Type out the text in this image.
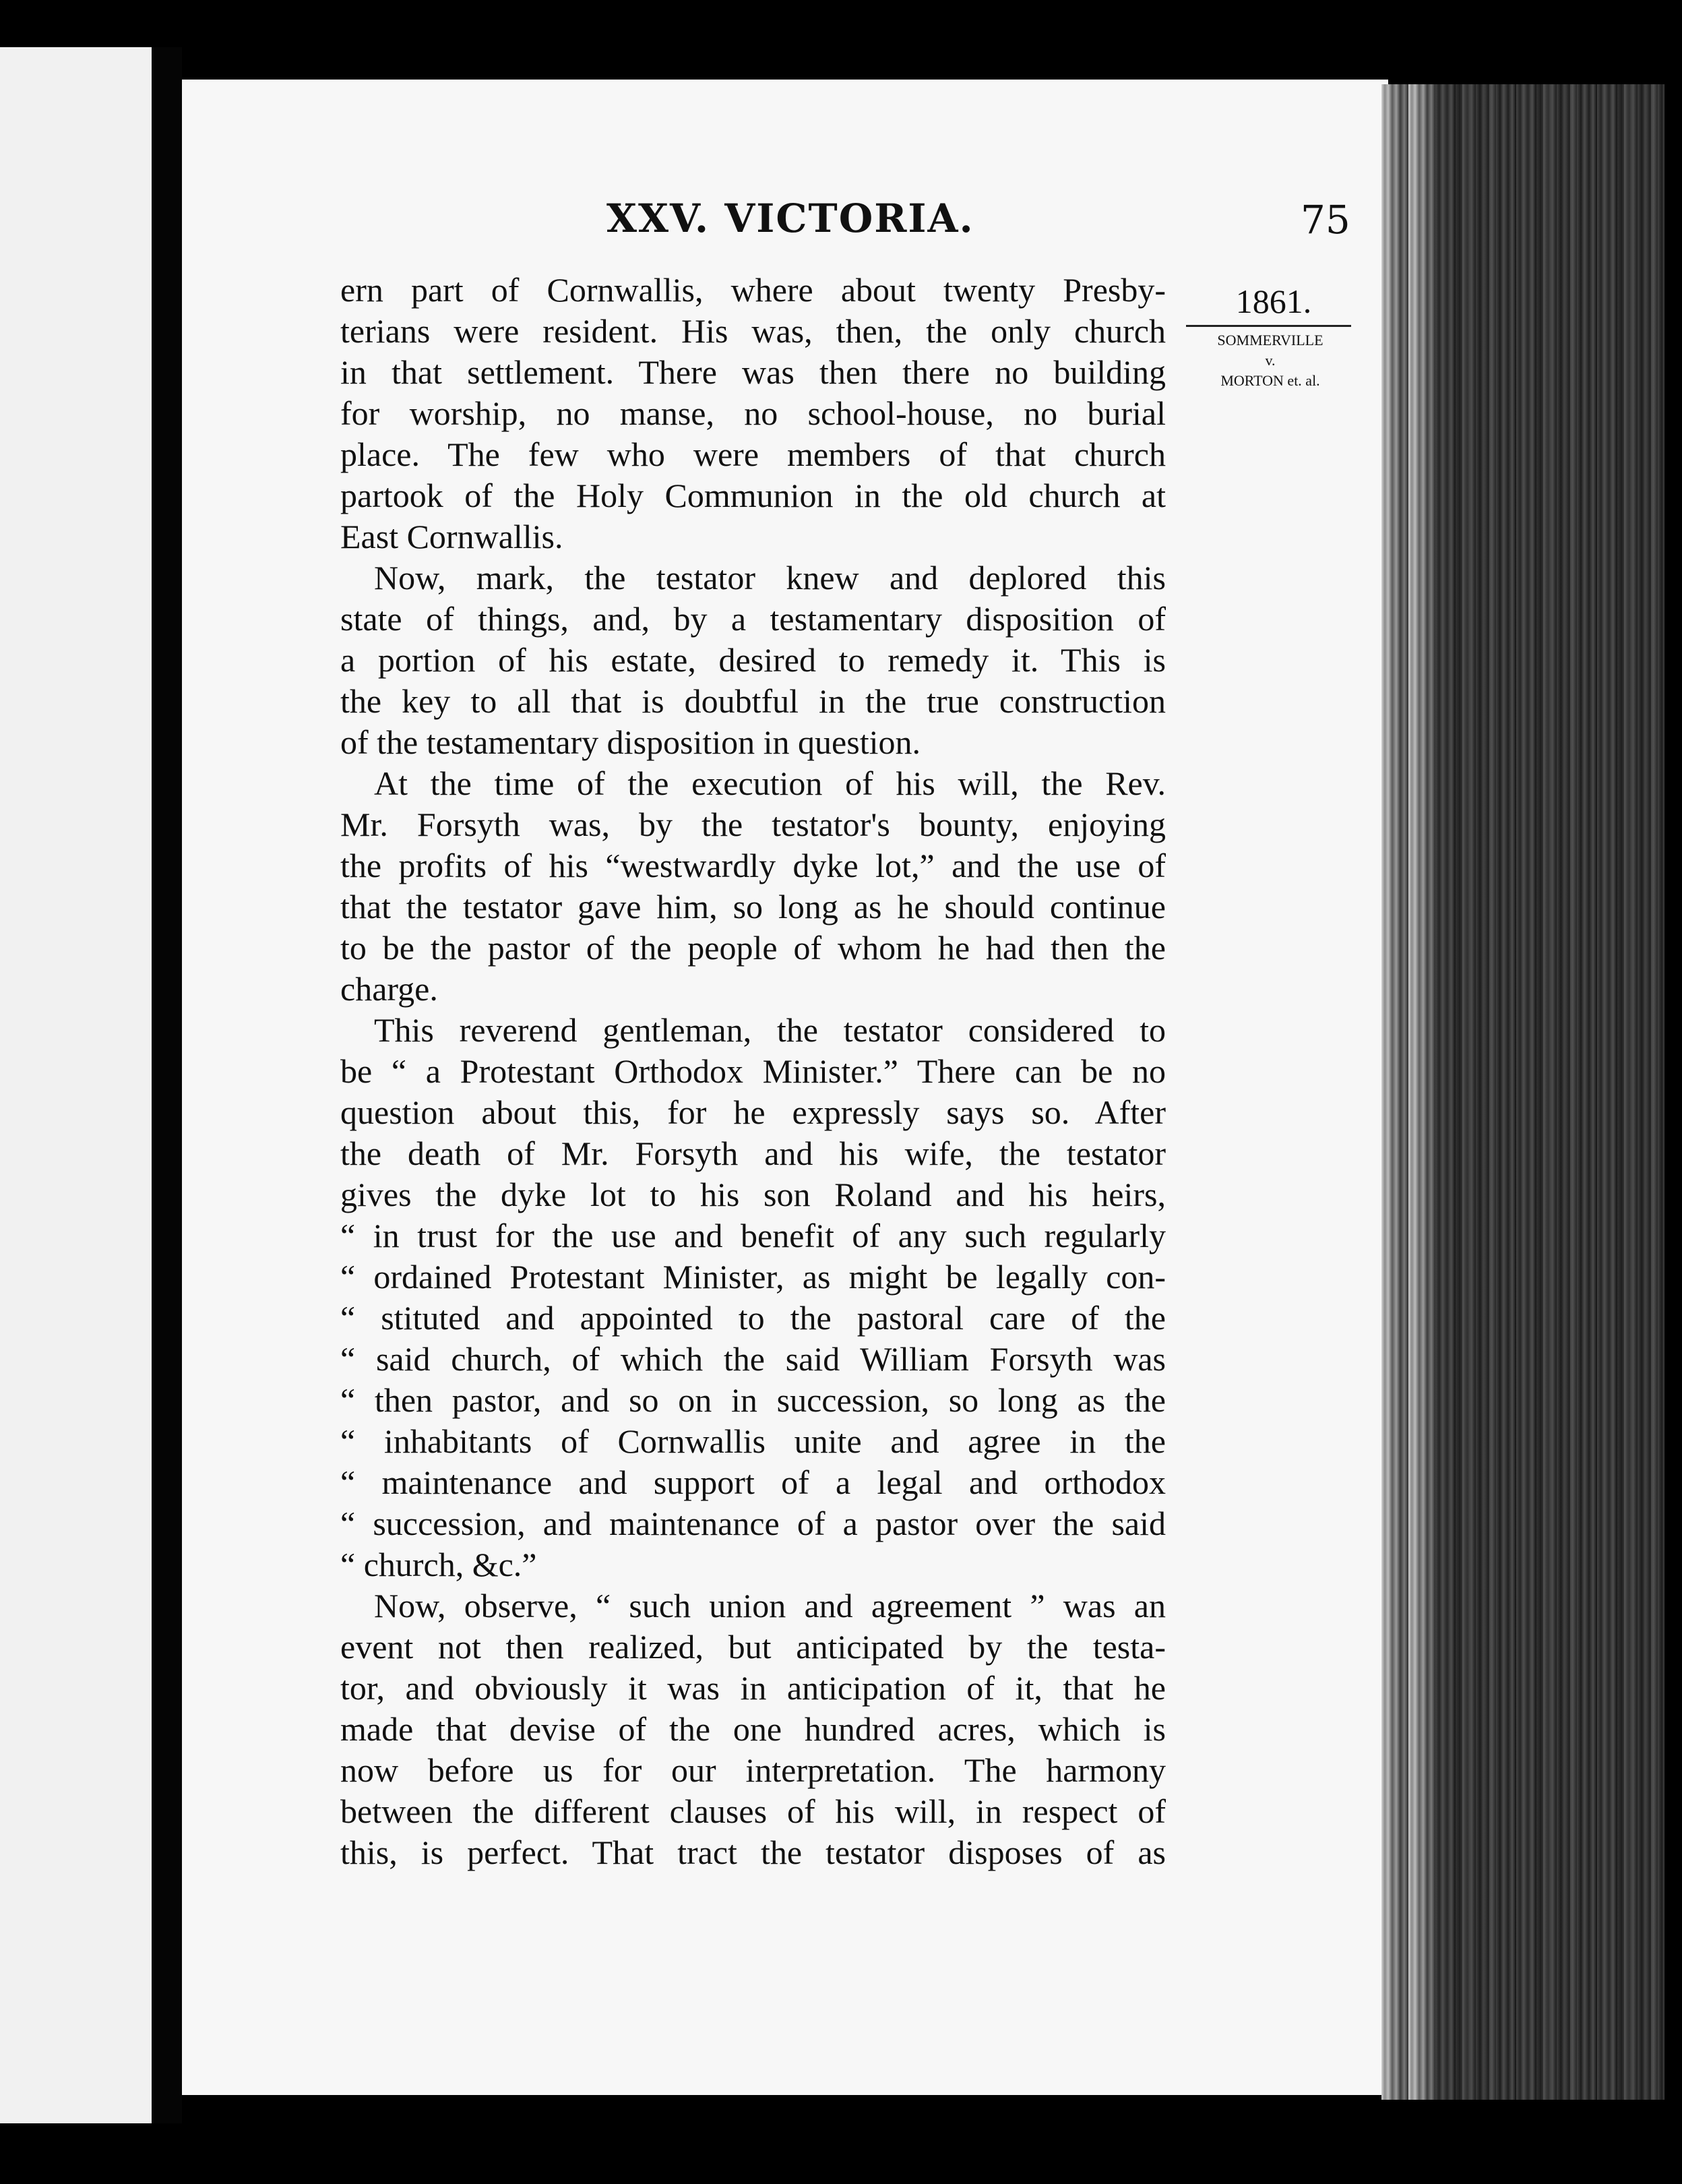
XXV. VICTORIA.	75
1861.
SOMMERVILLE
v.
MORTON et. al.
ern part of Cornwallis, where about twenty Presby-
terians were resident. His was, then, the only church
in that settlement. There was then there no building
for worship, no manse, no school-house, no burial
place. The few who were members of that church
partook of the Holy Communion in the old church at
East Cornwallis.
Now, mark, the testator knew and deplored this
state of things, and, by a testamentary disposition of
a portion of his estate, desired to remedy it. This is
the key to all that is doubtful in the true construction
of the testamentary disposition in question.
At the time of the execution of his will, the Rev.
Mr. Forsyth was, by the testator's bounty, enjoying
the profits of his “westwardly dyke lot,” and the use of
that the testator gave him, so long as he should continue
to be the pastor of the people of whom he had then the
charge.
This reverend gentleman, the testator considered to
be “ a Protestant Orthodox Minister.” There can be no
question about this, for he expressly says so. After
the death of Mr. Forsyth and his wife, the testator
gives the dyke lot to his son Roland and his heirs,
“ in trust for the use and benefit of any such regularly
“ ordained Protestant Minister, as might be legally con-
“ stituted and appointed to the pastoral care of the
“ said church, of which the said William Forsyth was
“ then pastor, and so on in succession, so long as the
“ inhabitants of Cornwallis unite and agree in the
“ maintenance and support of a legal and orthodox
“ succession, and maintenance of a pastor over the said
“ church, &c.”
Now, observe, “ such union and agreement ” was an
event not then realized, but anticipated by the testa-
tor, and obviously it was in anticipation of it, that he
made that devise of the one hundred acres, which is
now before us for our interpretation. The harmony
between the different clauses of his will, in respect of
this, is perfect. That tract the testator disposes of as
